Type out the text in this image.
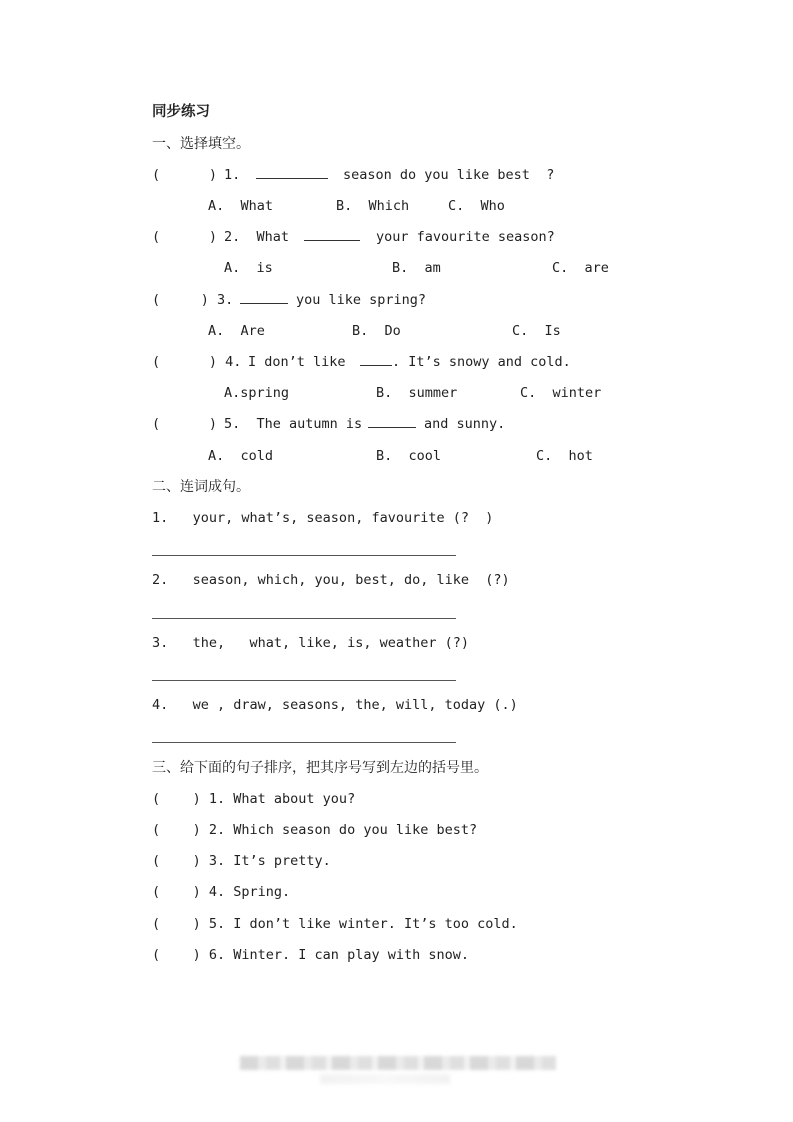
同步练习
一、选择填空。
(      ) 1.	season do you like best  ?
A.  What	B.  Which	C.  Who
(      ) 2.  What	your favourite season?
A.  is	B.  am	C.  are
(     ) 3.	you like spring?
A.  Are	B.  Do	C.  Is
(      ) 4. I don’t like	. It’s snowy and cold.
A.spring	B.  summer	C.  winter
(      ) 5.  The autumn is	and sunny.
A.  cold	B.  cool	C.  hot
二、连词成句。
1.   your, what’s, season, favourite (?  )
2.   season, which, you, best, do, like  (?)
3.   the,   what, like, is, weather (?)
4.   we , draw, seasons, the, will, today (.)
三、给下面的句子排序，把其序号写到左边的括号里。
(    ) 1. What about you?
(    ) 2. Which season do you like best?
(    ) 3. It’s pretty.
(    ) 4. Spring.
(    ) 5. I don’t like winter. It’s too cold.
(    ) 6. Winter. I can play with snow.
